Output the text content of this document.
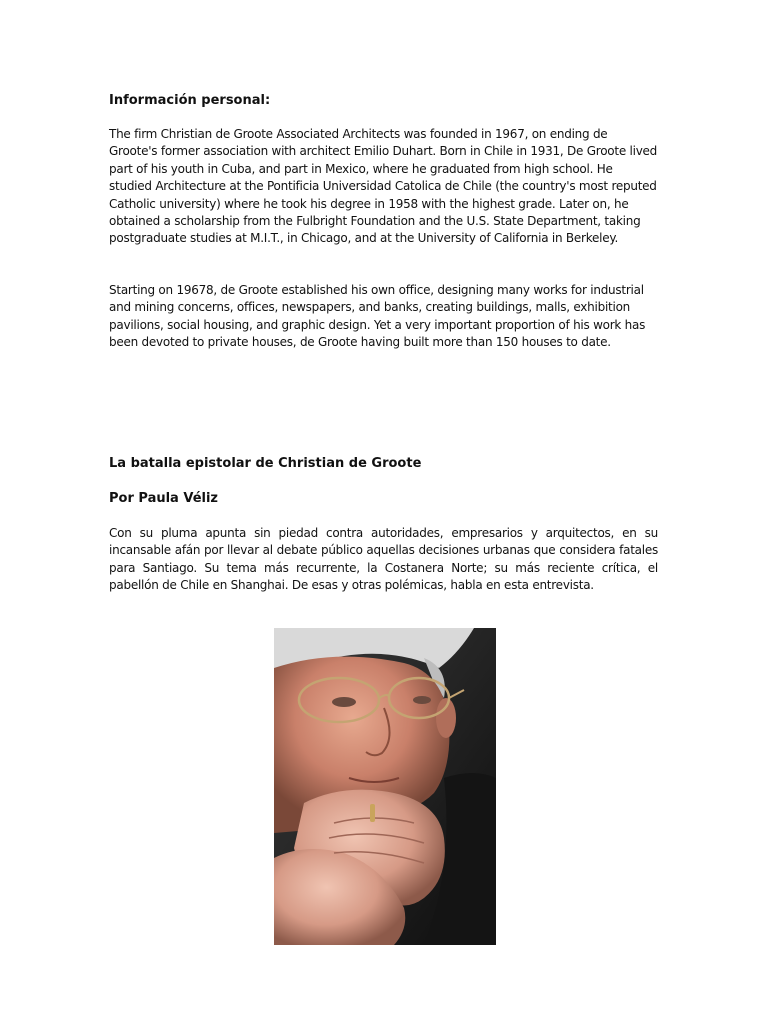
Información personal:

The firm Christian de Groote Associated Architects was founded in 1967, on ending de Groote's former association with architect Emilio Duhart. Born in Chile in 1931, De Groote lived part of his youth in Cuba, and part in Mexico, where he graduated from high school. He studied Architecture at the Pontificia Universidad Catolica de Chile (the country's most reputed Catholic university) where he took his degree in 1958 with the highest grade. Later on, he obtained a scholarship from the Fulbright Foundation and the U.S. State Department, taking postgraduate studies at M.I.T., in Chicago, and at the University of California in Berkeley.

Starting on 19678, de Groote established his own office, designing many works for industrial and mining concerns, offices, newspapers, and banks, creating buildings, malls, exhibition pavilions, social housing, and graphic design. Yet a very important proportion of his work has been devoted to private houses, de Groote having built more than 150 houses to date.

La batalla epistolar de Christian de Groote
Por Paula Véliz

Con su pluma apunta sin piedad contra autoridades, empresarios y arquitectos, en su incansable afán por llevar al debate público aquellas decisiones urbanas que considera fatales para Santiago. Su tema más recurrente, la Costanera Norte; su más reciente crítica, el pabellón de Chile en Shanghai. De esas y otras polémicas, habla en esta entrevista.
